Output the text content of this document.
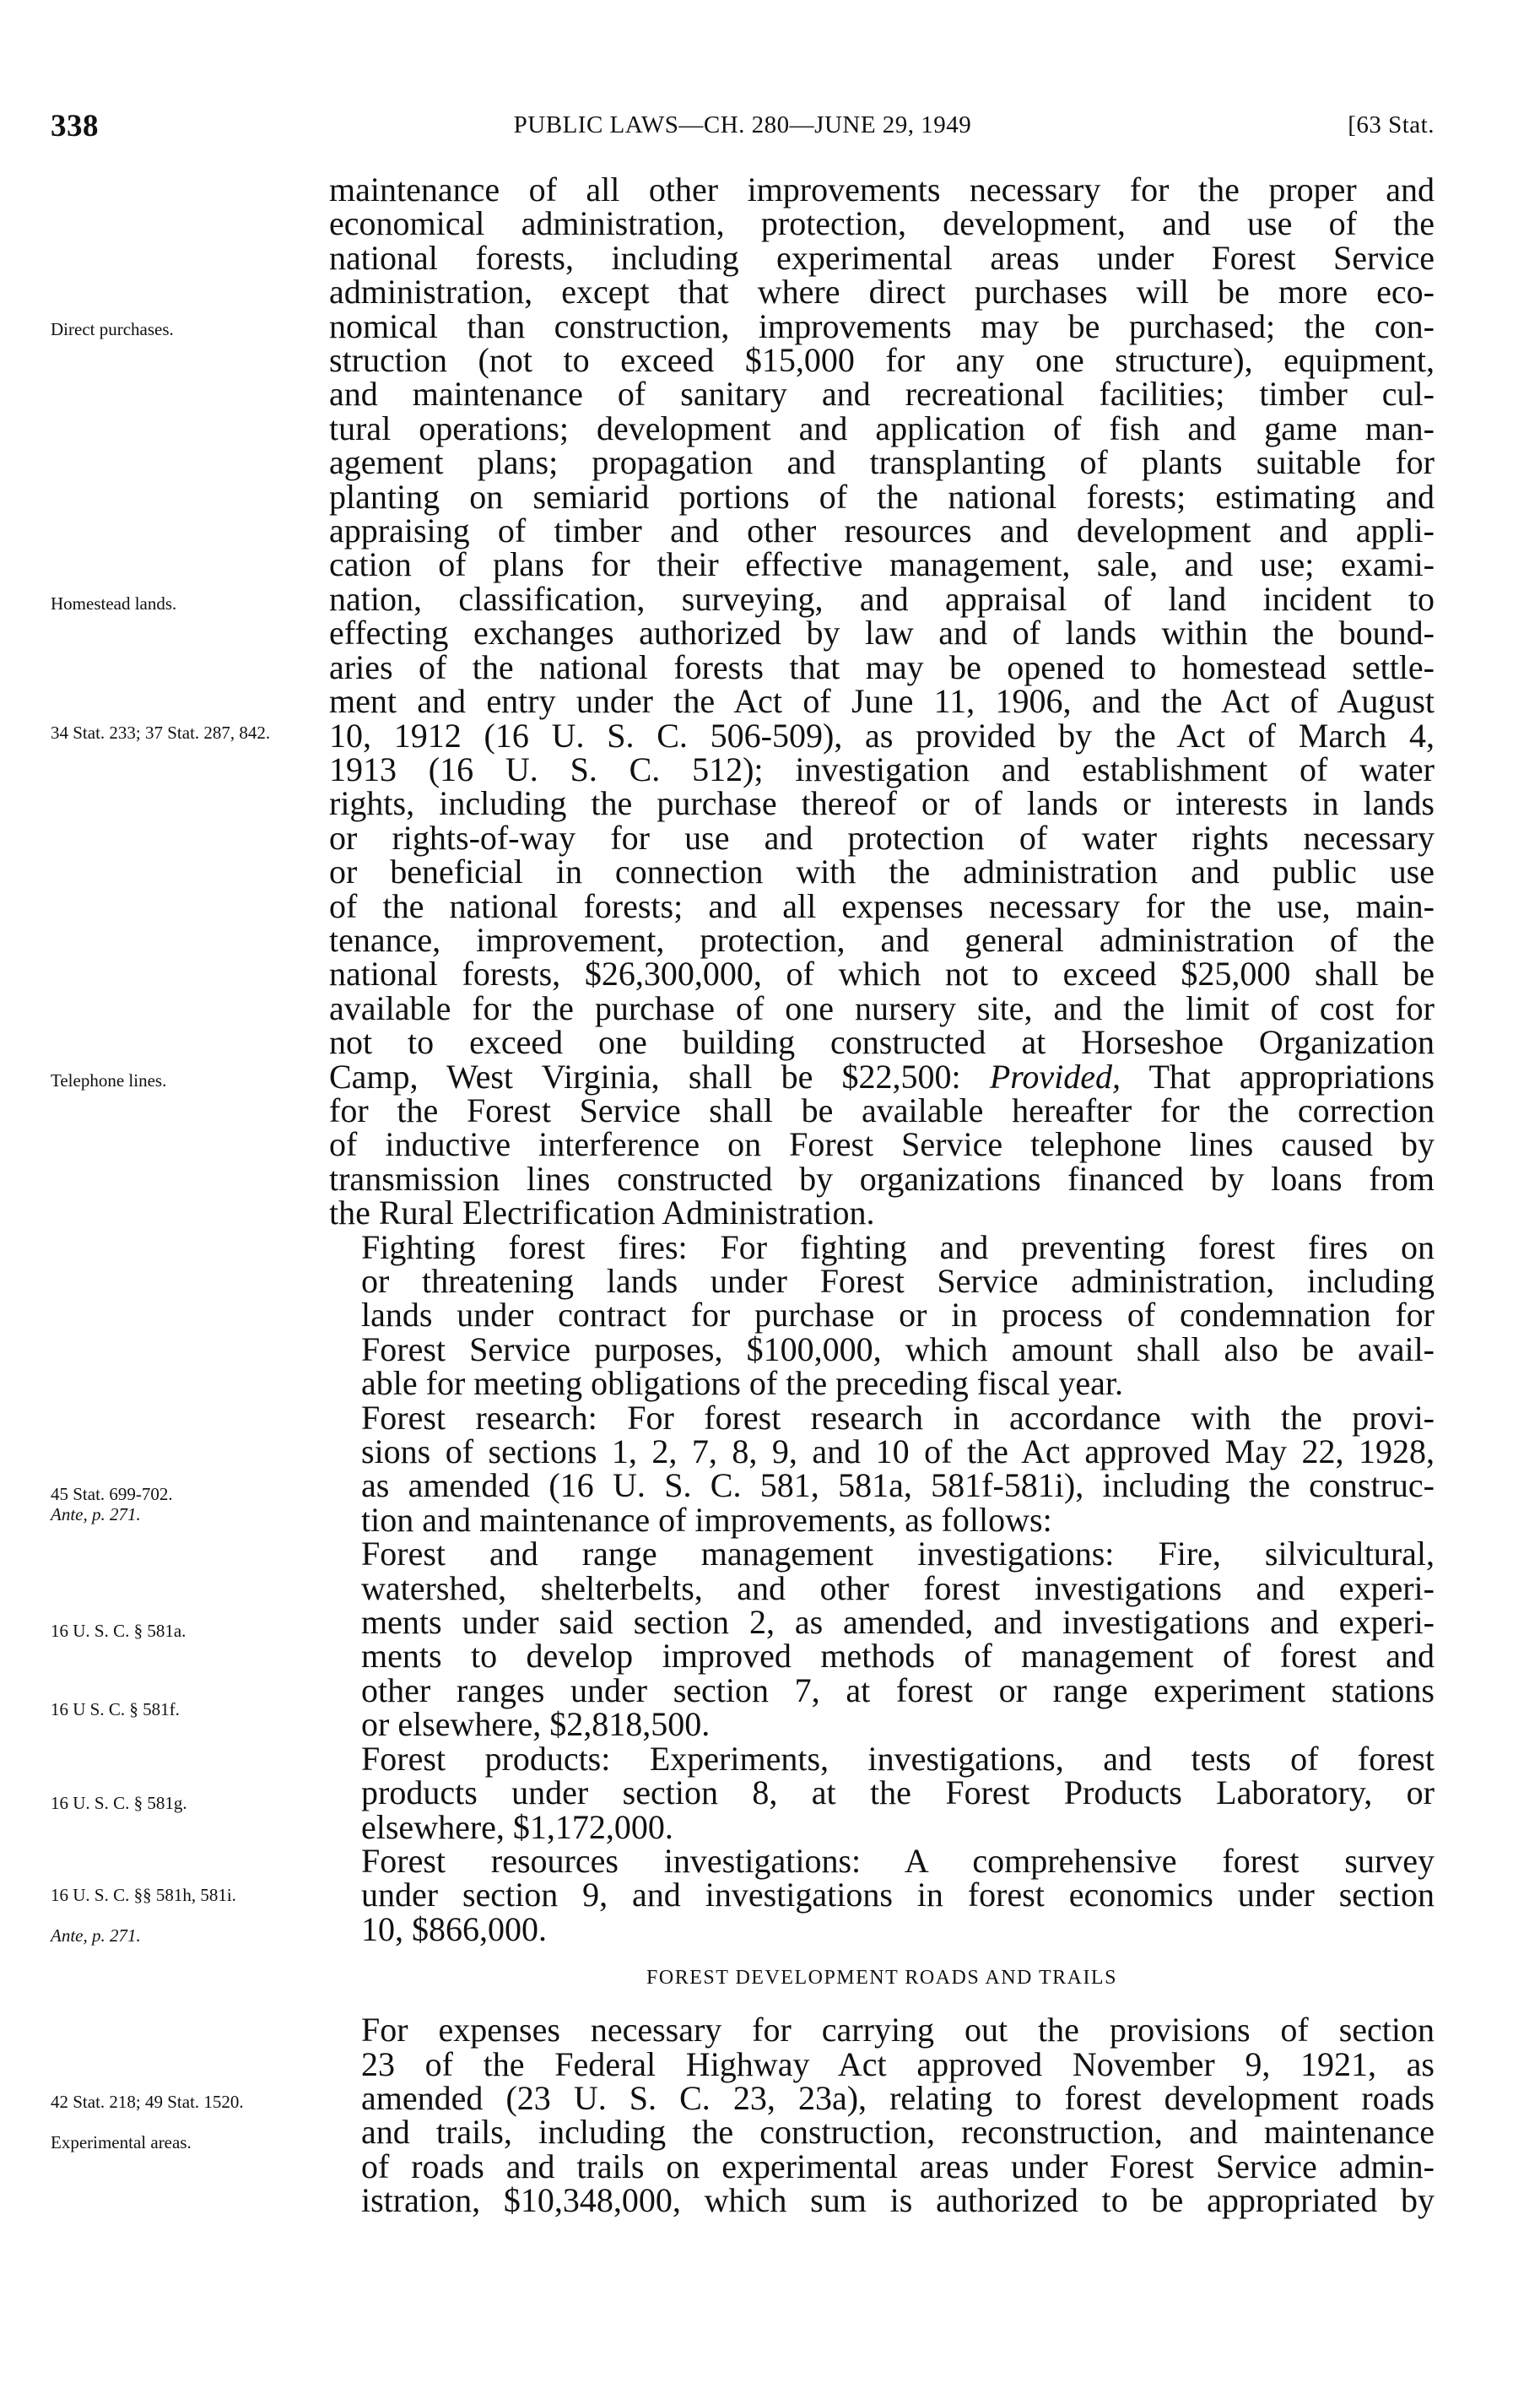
338	PUBLIC LAWS—CH. 280—JUNE 29, 1949	[63 Stat.
Direct purchases.
Homestead lands.
34 Stat. 233; 37 Stat. 287, 842.
Telephone lines.
45 Stat. 699-702.
Ante, p. 271.
16 U. S. C. § 581a.
16 U S. C. § 581f.
16 U. S. C. § 581g.
16 U. S. C. §§ 581h, 581i.
Ante, p. 271.
42 Stat. 218; 49 Stat. 1520.
Experimental areas.

maintenance of all other improvements necessary for the proper and
economical administration, protection, development, and use of the
national forests, including experimental areas under Forest Service
administration, except that where direct purchases will be more eco-
nomical than construction, improvements may be purchased; the con-
struction (not to exceed $15,000 for any one structure), equipment,
and maintenance of sanitary and recreational facilities; timber cul-
tural operations; development and application of fish and game man-
agement plans; propagation and transplanting of plants suitable for
planting on semiarid portions of the national forests; estimating and
appraising of timber and other resources and development and appli-
cation of plans for their effective management, sale, and use; exami-
nation, classification, surveying, and appraisal of land incident to
effecting exchanges authorized by law and of lands within the bound-
aries of the national forests that may be opened to homestead settle-
ment and entry under the Act of June 11, 1906, and the Act of August
10, 1912 (16 U. S. C. 506-509), as provided by the Act of March 4,
1913 (16 U. S. C. 512); investigation and establishment of water
rights, including the purchase thereof or of lands or interests in lands
or rights-of-way for use and protection of water rights necessary
or beneficial in connection with the administration and public use
of the national forests; and all expenses necessary for the use, main-
tenance, improvement, protection, and general administration of the
national forests, $26,300,000, of which not to exceed $25,000 shall be
available for the purchase of one nursery site, and the limit of cost for
not to exceed one building constructed at Horseshoe Organization
Camp, West Virginia, shall be $22,500: Provided, That appropriations
for the Forest Service shall be available hereafter for the correction
of inductive interference on Forest Service telephone lines caused by
transmission lines constructed by organizations financed by loans from
the Rural Electrification Administration.

Fighting forest fires: For fighting and preventing forest fires on
or threatening lands under Forest Service administration, including
lands under contract for purchase or in process of condemnation for
Forest Service purposes, $100,000, which amount shall also be avail-
able for meeting obligations of the preceding fiscal year.

Forest research: For forest research in accordance with the provi-
sions of sections 1, 2, 7, 8, 9, and 10 of the Act approved May 22, 1928,
as amended (16 U. S. C. 581, 581a, 581f-581i), including the construc-
tion and maintenance of improvements, as follows:

Forest and range management investigations: Fire, silvicultural,
watershed, shelterbelts, and other forest investigations and experi-
ments under said section 2, as amended, and investigations and experi-
ments to develop improved methods of management of forest and
other ranges under section 7, at forest or range experiment stations
or elsewhere, $2,818,500.

Forest products: Experiments, investigations, and tests of forest
products under section 8, at the Forest Products Laboratory, or
elsewhere, $1,172,000.

Forest resources investigations: A comprehensive forest survey
under section 9, and investigations in forest economics under section
10, $866,000.

FOREST DEVELOPMENT ROADS AND TRAILS

For expenses necessary for carrying out the provisions of section
23 of the Federal Highway Act approved November 9, 1921, as
amended (23 U. S. C. 23, 23a), relating to forest development roads
and trails, including the construction, reconstruction, and maintenance
of roads and trails on experimental areas under Forest Service admin-
istration, $10,348,000, which sum is authorized to be appropriated by
